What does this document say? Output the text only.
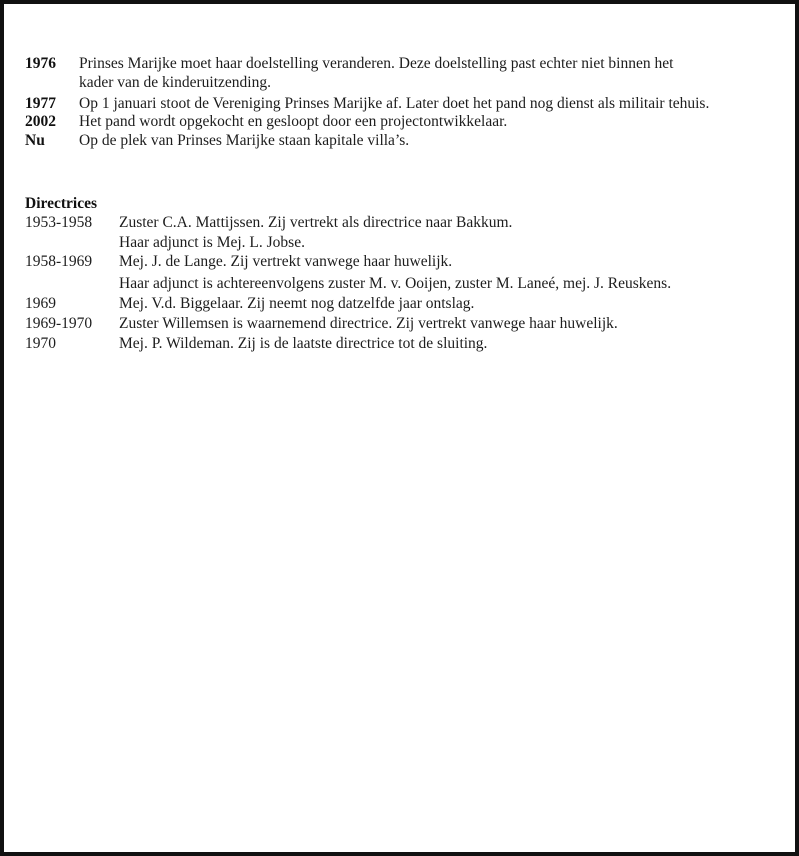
1976 Prinses Marijke moet haar doelstelling veranderen. Deze doelstelling past echter niet binnen het
kader van de kinderuitzending.
1977 Op 1 januari stoot de Vereniging Prinses Marijke af. Later doet het pand nog dienst als militair tehuis.
2002 Het pand wordt opgekocht en gesloopt door een projectontwikkelaar.
Nu Op de plek van Prinses Marijke staan kapitale villa’s.
Directrices
1953-1958 Zuster C.A. Mattijssen. Zij vertrekt als directrice naar Bakkum.
Haar adjunct is Mej. L. Jobse.
1958-1969 Mej. J. de Lange. Zij vertrekt vanwege haar huwelijk.
Haar adjunct is achtereenvolgens zuster M. v. Ooijen, zuster M. Laneé, mej. J. Reuskens.
1969	Mej. V.d. Biggelaar. Zij neemt nog datzelfde jaar ontslag.
1969-1970 Zuster Willemsen is waarnemend directrice. Zij vertrekt vanwege haar huwelijk.
1970	Mej. P. Wildeman. Zij is de laatste directrice tot de sluiting.
